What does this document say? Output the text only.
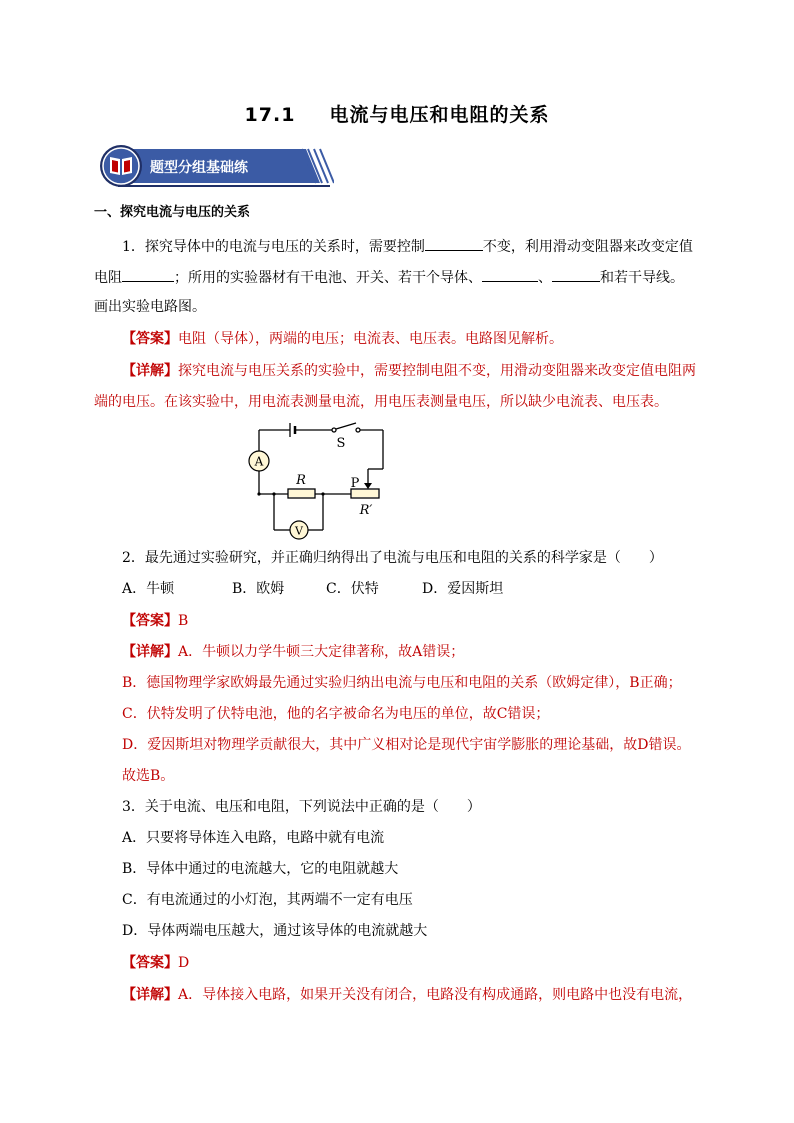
17.1 电流与电压和电阻的关系
题型分组基础练
一、探究电流与电压的关系
1．探究导体中的电流与电压的关系时，需要控制	不变，利用滑动变阻器来改变定值
电阻	；所用的实验器材有干电池、开关、若干个导体、	、	和若干导线。
画出实验电路图。
【答案】电阻（导体），两端的电压；电流表、电压表。电路图见解析。
【详解】探究电流与电压关系的实验中，需要控制电阻不变，用滑动变阻器来改变定值电阻两
端的电压。在该实验中，用电流表测量电流，用电压表测量电压，所以缺少电流表、电压表。
A
V
S
R	P
R′
2．最先通过实验研究，并正确归纳得出了电流与电压和电阻的关系的科学家是（　　）
A．牛顿	B．欧姆	C．伏特	D．爱因斯坦
【答案】B
【详解】A．牛顿以力学牛顿三大定律著称，故A错误；
B．德国物理学家欧姆最先通过实验归纳出电流与电压和电阻的关系（欧姆定律），B正确；
C．伏特发明了伏特电池，他的名字被命名为电压的单位，故C错误；
D．爱因斯坦对物理学贡献很大，其中广义相对论是现代宇宙学膨胀的理论基础，故D错误。
故选B。
3．关于电流、电压和电阻，下列说法中正确的是（　　）
A．只要将导体连入电路，电路中就有电流
B．导体中通过的电流越大，它的电阻就越大
C．有电流通过的小灯泡，其两端不一定有电压
D．导体两端电压越大，通过该导体的电流就越大
【答案】D
【详解】A．导体接入电路，如果开关没有闭合，电路没有构成通路，则电路中也没有电流，
